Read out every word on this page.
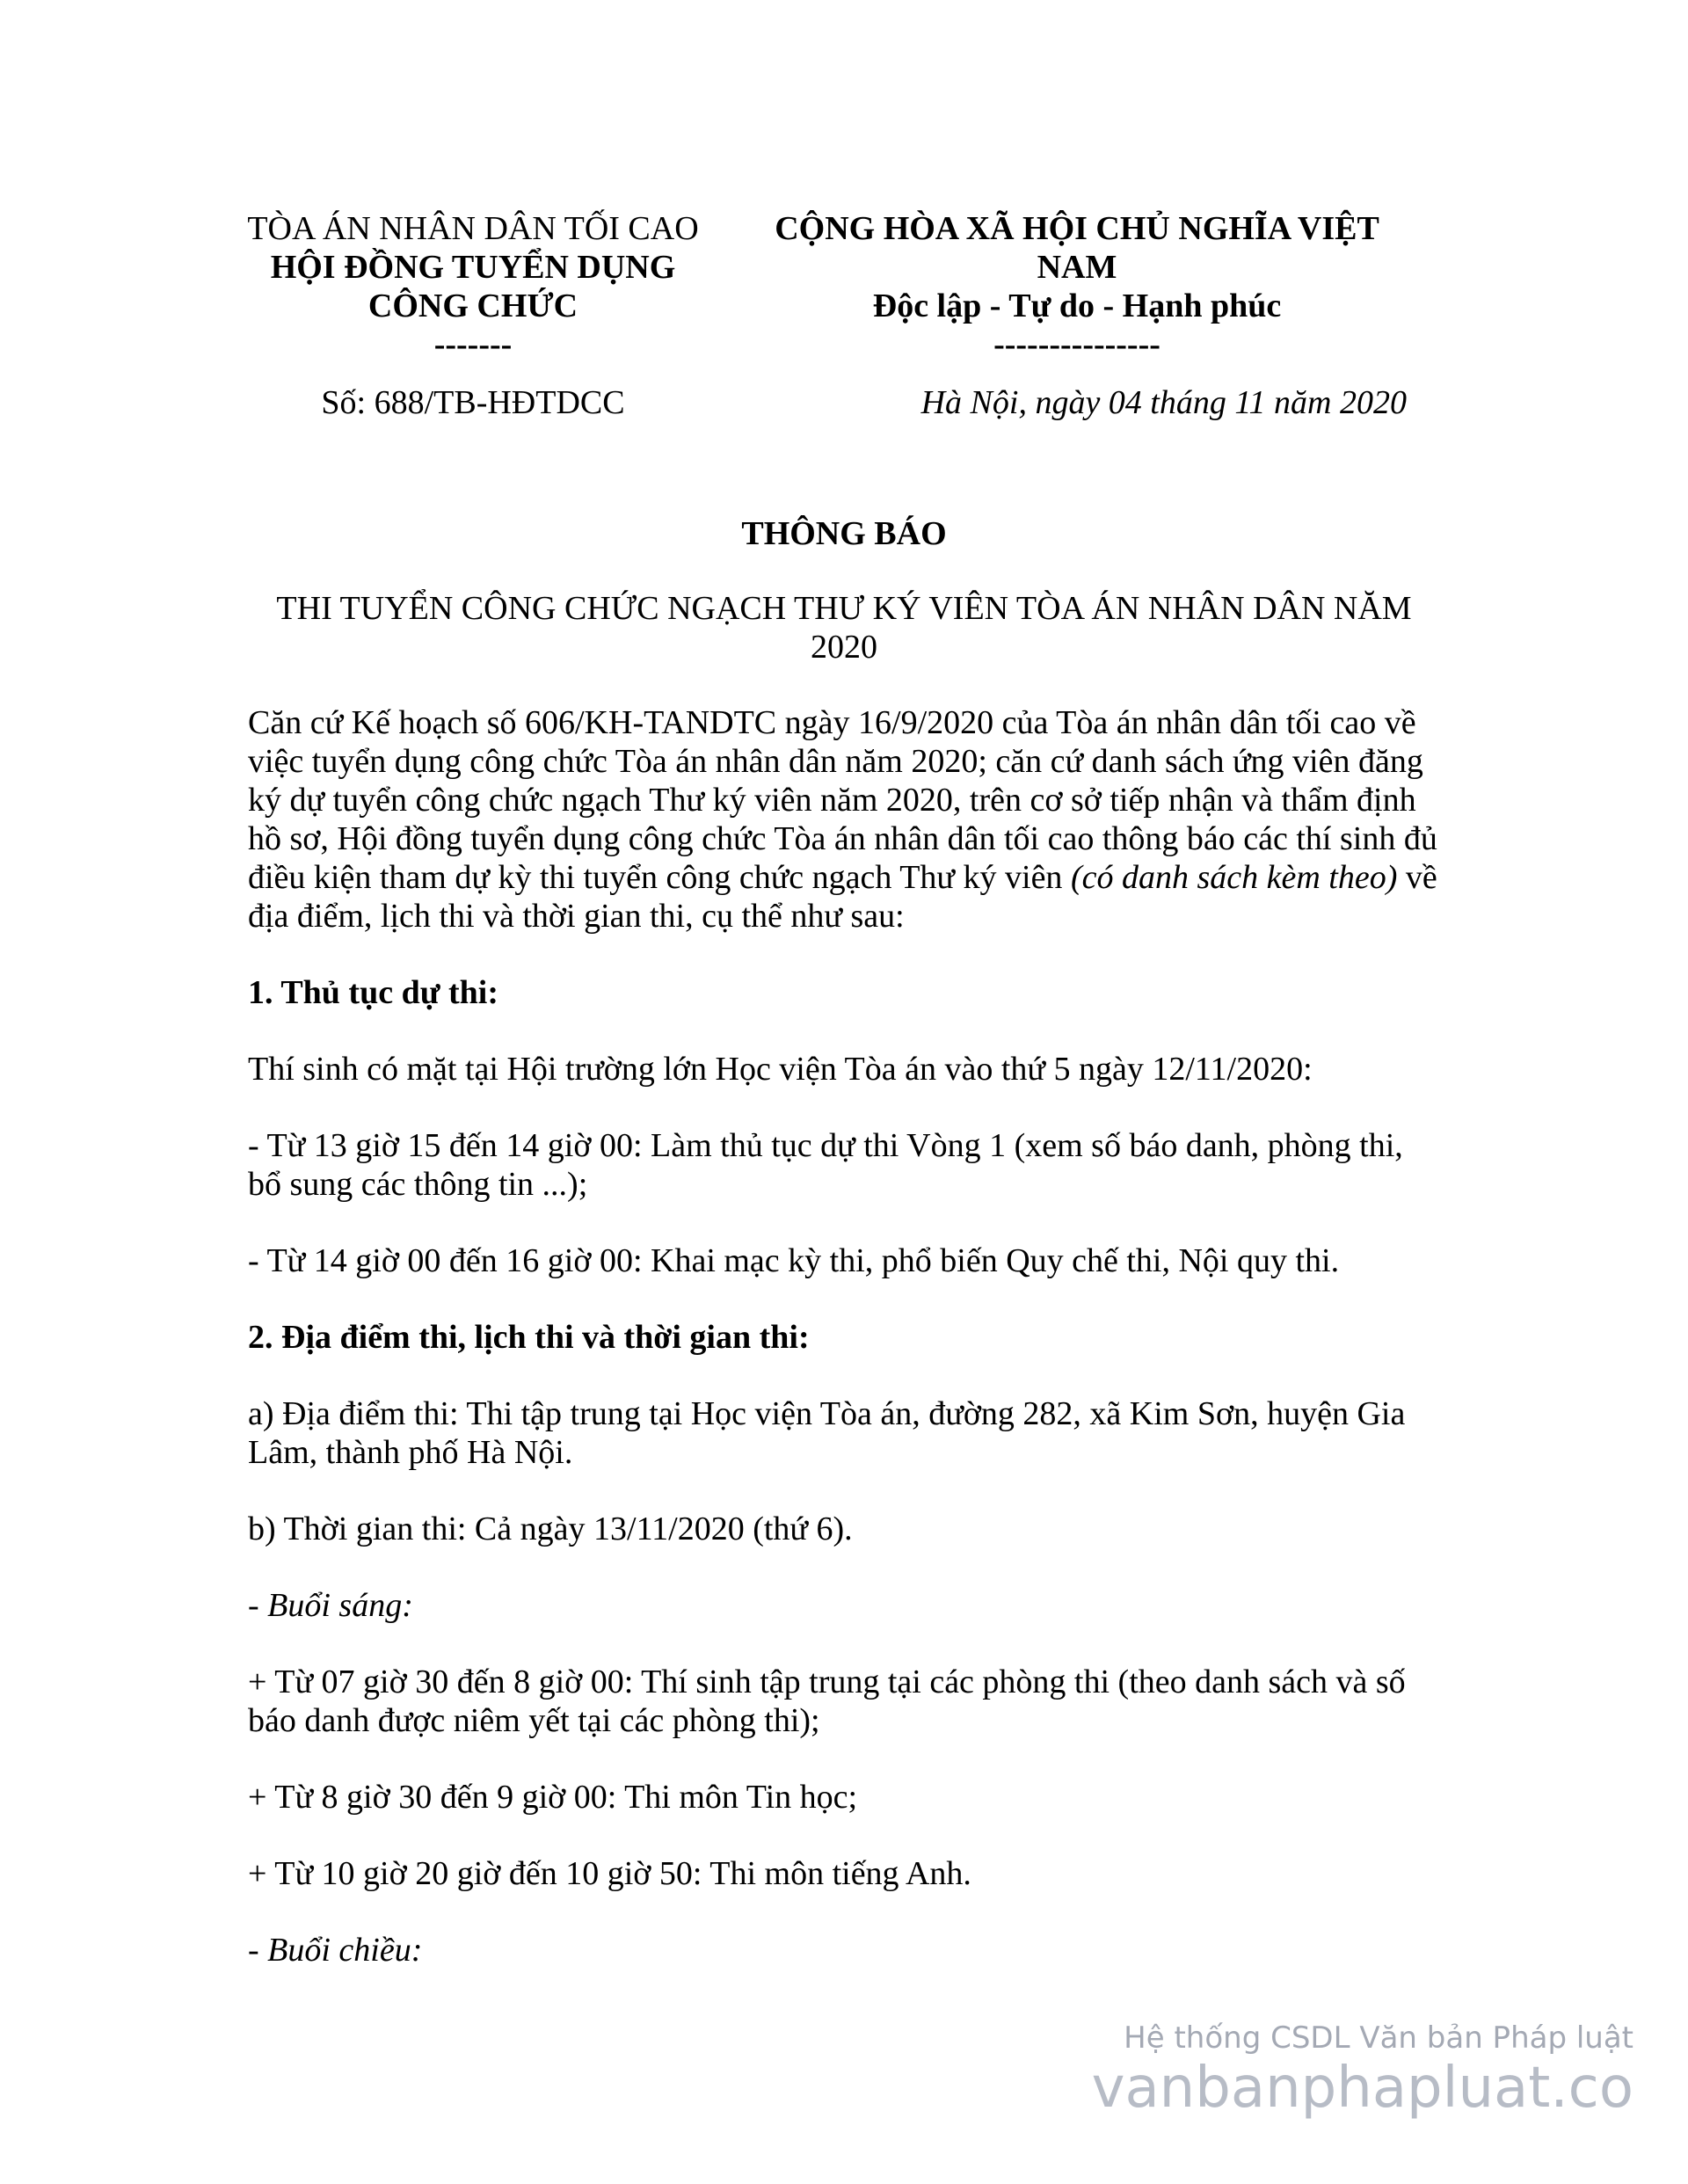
TÒA ÁN NHÂN DÂN TỐI CAO
HỘI ĐỒNG TUYỂN DỤNG
CÔNG CHỨC
-------
CỘNG HÒA XÃ HỘI CHỦ NGHĨA VIỆT
NAM
Độc lập - Tự do - Hạnh phúc
---------------
Số: 688/TB-HĐTDCC	Hà Nội, ngày 04 tháng 11 năm 2020
THÔNG BÁO
THI TUYỂN CÔNG CHỨC NGẠCH THƯ KÝ VIÊN TÒA ÁN NHÂN DÂN NĂM
2020

Căn cứ Kế hoạch số 606/KH-TANDTC ngày 16/9/2020 của Tòa án nhân dân tối cao về việc tuyển dụng công chức Tòa án nhân dân năm 2020; căn cứ danh sách ứng viên đăng ký dự tuyển công chức ngạch Thư ký viên năm 2020, trên cơ sở tiếp nhận và thẩm định hồ sơ, Hội đồng tuyển dụng công chức Tòa án nhân dân tối cao thông báo các thí sinh đủ điều kiện tham dự kỳ thi tuyển công chức ngạch Thư ký viên (có danh sách kèm theo) về địa điểm, lịch thi và thời gian thi, cụ thể như sau:

1. Thủ tục dự thi:

Thí sinh có mặt tại Hội trường lớn Học viện Tòa án vào thứ 5 ngày 12/11/2020:

- Từ 13 giờ 15 đến 14 giờ 00: Làm thủ tục dự thi Vòng 1 (xem số báo danh, phòng thi, bổ sung các thông tin ...);

- Từ 14 giờ 00 đến 16 giờ 00: Khai mạc kỳ thi, phổ biến Quy chế thi, Nội quy thi.

2. Địa điểm thi, lịch thi và thời gian thi:

a) Địa điểm thi: Thi tập trung tại Học viện Tòa án, đường 282, xã Kim Sơn, huyện Gia Lâm, thành phố Hà Nội.

b) Thời gian thi: Cả ngày 13/11/2020 (thứ 6).

- Buổi sáng:

+ Từ 07 giờ 30 đến 8 giờ 00: Thí sinh tập trung tại các phòng thi (theo danh sách và số báo danh được niêm yết tại các phòng thi);

+ Từ 8 giờ 30 đến 9 giờ 00: Thi môn Tin học;

+ Từ 10 giờ 20 giờ đến 10 giờ 50: Thi môn tiếng Anh.

- Buổi chiều:

Hệ thống CSDL Văn bản Pháp luật
vanbanphapluat.co
